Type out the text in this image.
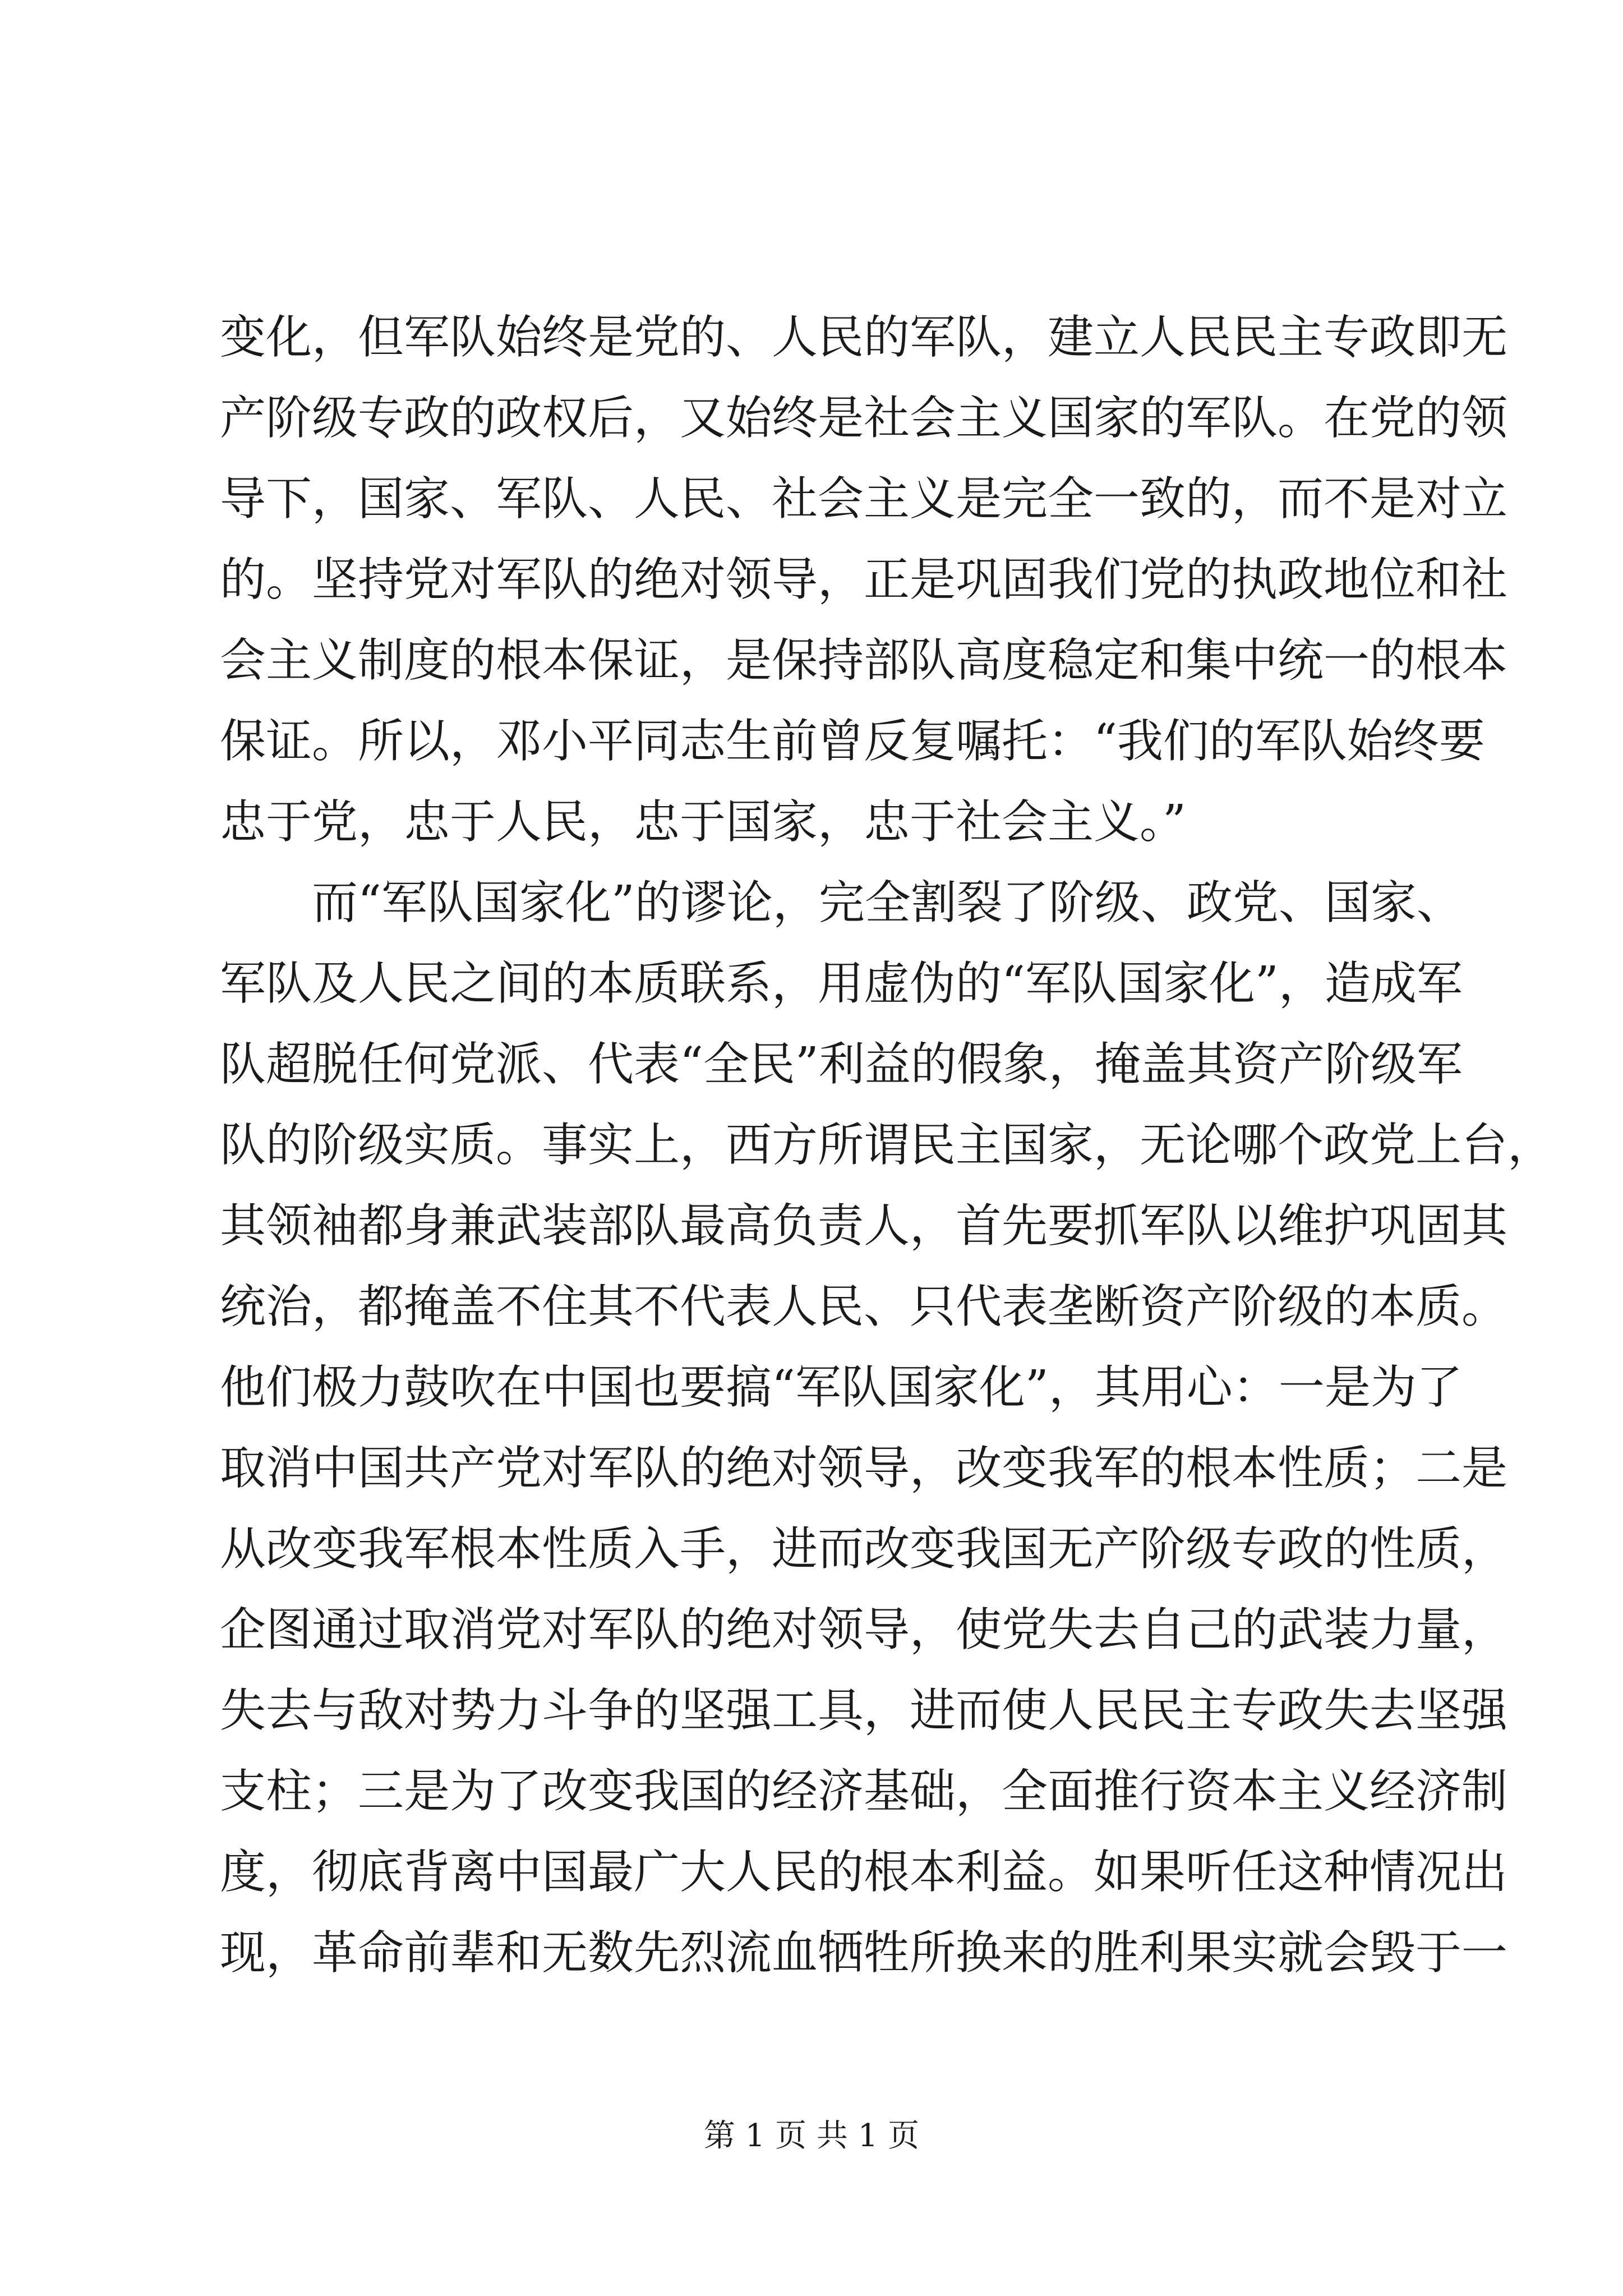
变化，但军队始终是党的、人民的军队，建立人民民主专政即无
产阶级专政的政权后，又始终是社会主义国家的军队。在党的领
导下，国家、军队、人民、社会主义是完全一致的，而不是对立
的。坚持党对军队的绝对领导，正是巩固我们党的执政地位和社
会主义制度的根本保证，是保持部队高度稳定和集中统一的根本
保证。所以，邓小平同志生前曾反复嘱托：“我们的军队始终要
忠于党，忠于人民，忠于国家，忠于社会主义。”
而“军队国家化”的谬论，完全割裂了阶级、政党、国家、
军队及人民之间的本质联系，用虚伪的“军队国家化”，造成军
队超脱任何党派、代表“全民”利益的假象，掩盖其资产阶级军
队的阶级实质。事实上，西方所谓民主国家，无论哪个政党上台，
其领袖都身兼武装部队最高负责人，首先要抓军队以维护巩固其
统治，都掩盖不住其不代表人民、只代表垄断资产阶级的本质。
他们极力鼓吹在中国也要搞“军队国家化”，其用心：一是为了
取消中国共产党对军队的绝对领导，改变我军的根本性质；二是
从改变我军根本性质入手，进而改变我国无产阶级专政的性质，
企图通过取消党对军队的绝对领导，使党失去自己的武装力量，
失去与敌对势力斗争的坚强工具，进而使人民民主专政失去坚强
支柱；三是为了改变我国的经济基础，全面推行资本主义经济制
度，彻底背离中国最广大人民的根本利益。如果听任这种情况出
现，革命前辈和无数先烈流血牺牲所换来的胜利果实就会毁于一
第 1 页 共 1 页
